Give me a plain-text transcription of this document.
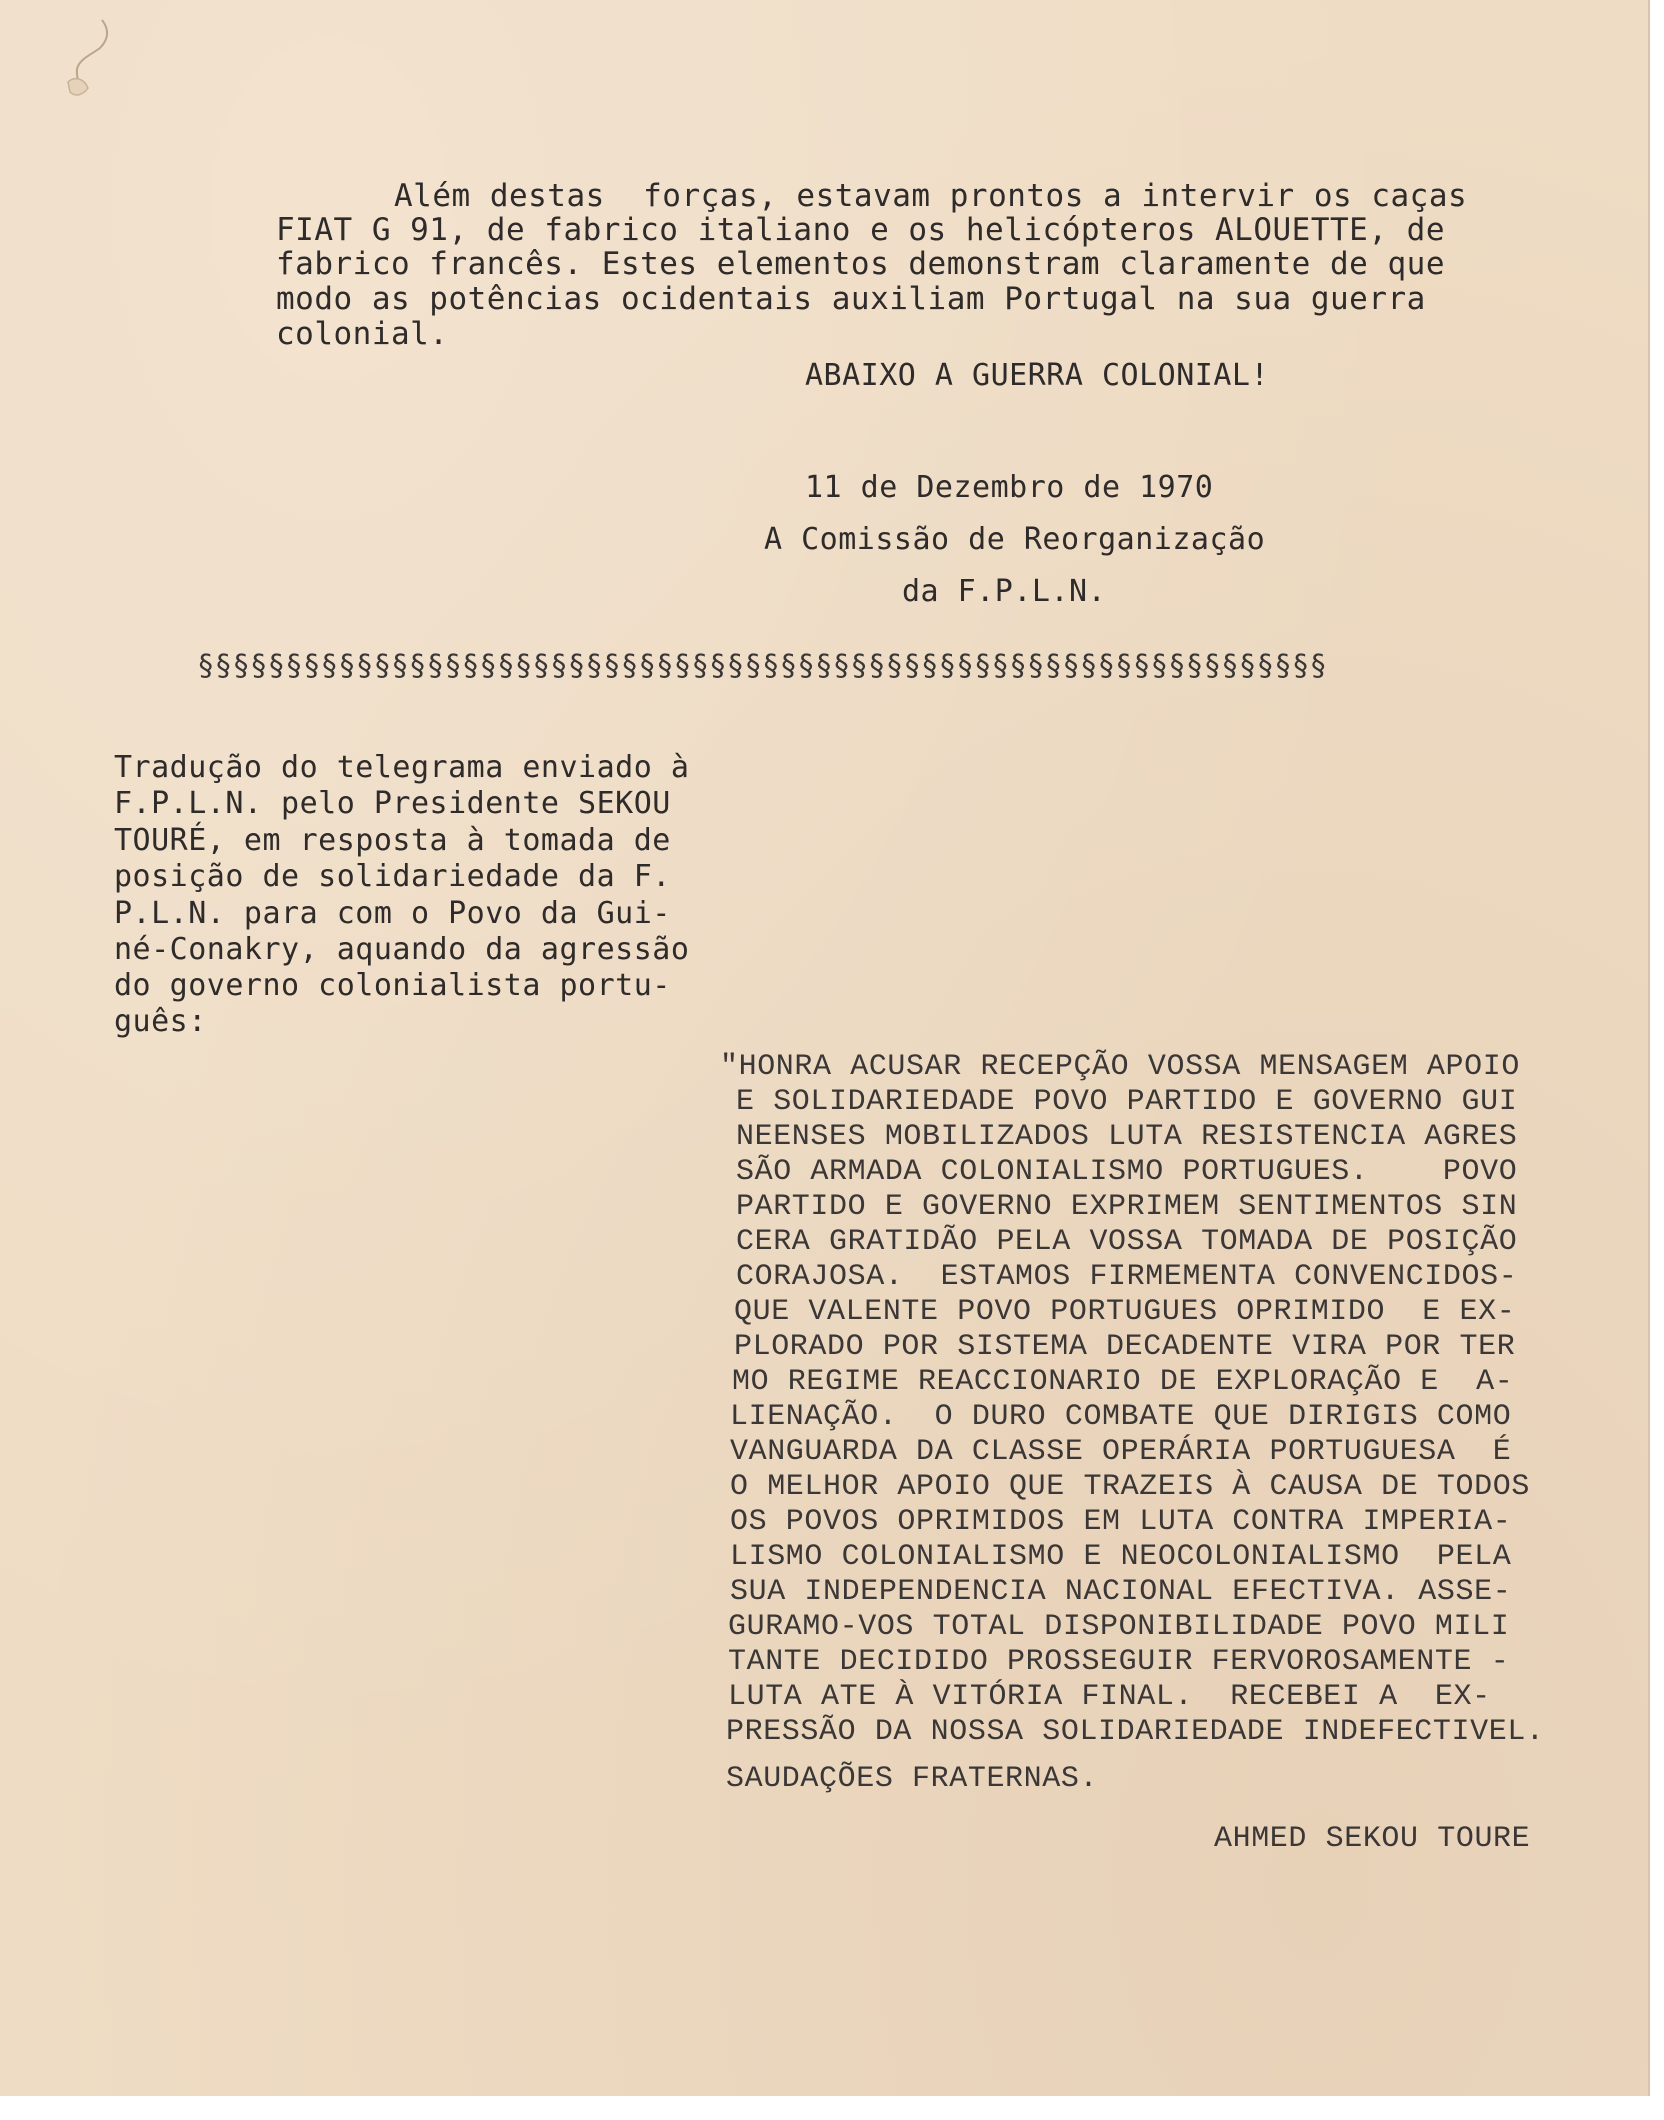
Além destas  forças, estavam prontos a intervir os caças
FIAT G 91, de fabrico italiano e os helicópteros ALOUETTE, de
fabrico francês. Estes elementos demonstram claramente de que
modo as potências ocidentais auxiliam Portugal na sua guerra
colonial.
ABAIXO A GUERRA COLONIAL!
11 de Dezembro de 1970
A Comissão de Reorganização
da F.P.L.N.
§§§§§§§§§§§§§§§§§§§§§§§§§§§§§§§§§§§§§§§§§§§§§§§§§§§§§§§§§§§§§§§§
Tradução do telegrama enviado à
F.P.L.N. pelo Presidente SEKOU
TOURÉ, em resposta à tomada de
posição de solidariedade da F.
P.L.N. para com o Povo da Gui-
né-Conakry, aquando da agressão
do governo colonialista portu-
guês:
"HONRA ACUSAR RECEPÇÃO VOSSA MENSAGEM APOIO
E SOLIDARIEDADE POVO PARTIDO E GOVERNO GUI
NEENSES MOBILIZADOS LUTA RESISTENCIA AGRES
SÃO ARMADA COLONIALISMO PORTUGUES.    POVO
PARTIDO E GOVERNO EXPRIMEM SENTIMENTOS SIN
CERA GRATIDÃO PELA VOSSA TOMADA DE POSIÇÃO
CORAJOSA.  ESTAMOS FIRMEMENTA CONVENCIDOS-
QUE VALENTE POVO PORTUGUES OPRIMIDO  E EX-
PLORADO POR SISTEMA DECADENTE VIRA POR TER
MO REGIME REACCIONARIO DE EXPLORAÇÃO E  A-
LIENAÇÃO.  O DURO COMBATE QUE DIRIGIS COMO
VANGUARDA DA CLASSE OPERÁRIA PORTUGUESA  É
O MELHOR APOIO QUE TRAZEIS À CAUSA DE TODOS
OS POVOS OPRIMIDOS EM LUTA CONTRA IMPERIA-
LISMO COLONIALISMO E NEOCOLONIALISMO  PELA
SUA INDEPENDENCIA NACIONAL EFECTIVA. ASSE-
GURAMO-VOS TOTAL DISPONIBILIDADE POVO MILI
TANTE DECIDIDO PROSSEGUIR FERVOROSAMENTE -
LUTA ATE À VITÓRIA FINAL.  RECEBEI A  EX-
PRESSÃO DA NOSSA SOLIDARIEDADE INDEFECTIVEL.
SAUDAÇÕES FRATERNAS.
AHMED SEKOU TOURE
